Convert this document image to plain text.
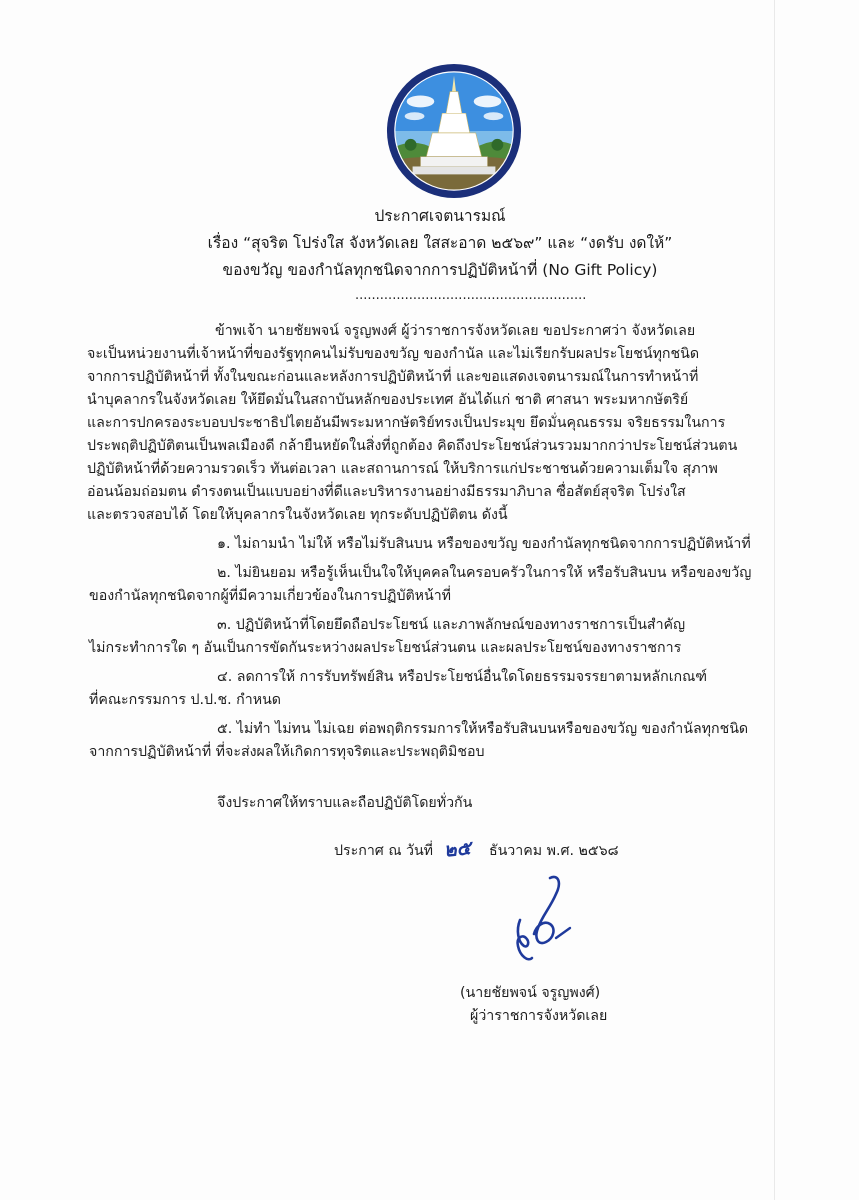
ประกาศเจตนารมณ์
เรื่อง “สุจริต โปร่งใส จังหวัดเลย ใสสะอาด ๒๕๖๙” และ “งดรับ งดให้”
ของขวัญ ของกำนัลทุกชนิดจากการปฏิบัติหน้าที่ (No Gift Policy)
........................................................
ข้าพเจ้า นายชัยพจน์ จรูญพงศ์ ผู้ว่าราชการจังหวัดเลย ขอประกาศว่า จังหวัดเลย
จะเป็นหน่วยงานที่เจ้าหน้าที่ของรัฐทุกคนไม่รับของขวัญ ของกำนัล และไม่เรียกรับผลประโยชน์ทุกชนิด
จากการปฏิบัติหน้าที่ ทั้งในขณะก่อนและหลังการปฏิบัติหน้าที่ และขอแสดงเจตนารมณ์ในการทำหน้าที่
นำบุคลากรในจังหวัดเลย ให้ยึดมั่นในสถาบันหลักของประเทศ อันได้แก่ ชาติ ศาสนา พระมหากษัตริย์
และการปกครองระบอบประชาธิปไตยอันมีพระมหากษัตริย์ทรงเป็นประมุข ยึดมั่นคุณธรรม จริยธรรมในการ
ประพฤติปฏิบัติตนเป็นพลเมืองดี กล้ายืนหยัดในสิ่งที่ถูกต้อง คิดถึงประโยชน์ส่วนรวมมากกว่าประโยชน์ส่วนตน
ปฏิบัติหน้าที่ด้วยความรวดเร็ว ทันต่อเวลา และสถานการณ์ ให้บริการแก่ประชาชนด้วยความเต็มใจ สุภาพ
อ่อนน้อมถ่อมตน ดำรงตนเป็นแบบอย่างที่ดีและบริหารงานอย่างมีธรรมาภิบาล ซื่อสัตย์สุจริต โปร่งใส
และตรวจสอบได้ โดยให้บุคลากรในจังหวัดเลย ทุกระดับปฏิบัติตน ดังนี้
๑. ไม่ถามนำ ไม่ให้ หรือไม่รับสินบน หรือของขวัญ ของกำนัลทุกชนิดจากการปฏิบัติหน้าที่
๒. ไม่ยินยอม หรือรู้เห็นเป็นใจให้บุคคลในครอบครัวในการให้ หรือรับสินบน หรือของขวัญ
ของกำนัลทุกชนิดจากผู้ที่มีความเกี่ยวข้องในการปฏิบัติหน้าที่
๓. ปฏิบัติหน้าที่โดยยึดถือประโยชน์ และภาพลักษณ์ของทางราชการเป็นสำคัญ
ไม่กระทำการใด ๆ อันเป็นการขัดกันระหว่างผลประโยชน์ส่วนตน และผลประโยชน์ของทางราชการ
๔. ลดการให้ การรับทรัพย์สิน หรือประโยชน์อื่นใดโดยธรรมจรรยาตามหลักเกณฑ์
ที่คณะกรรมการ ป.ป.ช. กำหนด
๕. ไม่ทำ ไม่ทน ไม่เฉย ต่อพฤติกรรมการให้หรือรับสินบนหรือของขวัญ ของกำนัลทุกชนิด
จากการปฏิบัติหน้าที่ ที่จะส่งผลให้เกิดการทุจริตและประพฤติมิชอบ
จึงประกาศให้ทราบและถือปฏิบัติโดยทั่วกัน
ประกาศ ณ วันที่ ๒๕ ธันวาคม พ.ศ. ๒๕๖๘
(นายชัยพจน์ จรูญพงศ์)
ผู้ว่าราชการจังหวัดเลย
